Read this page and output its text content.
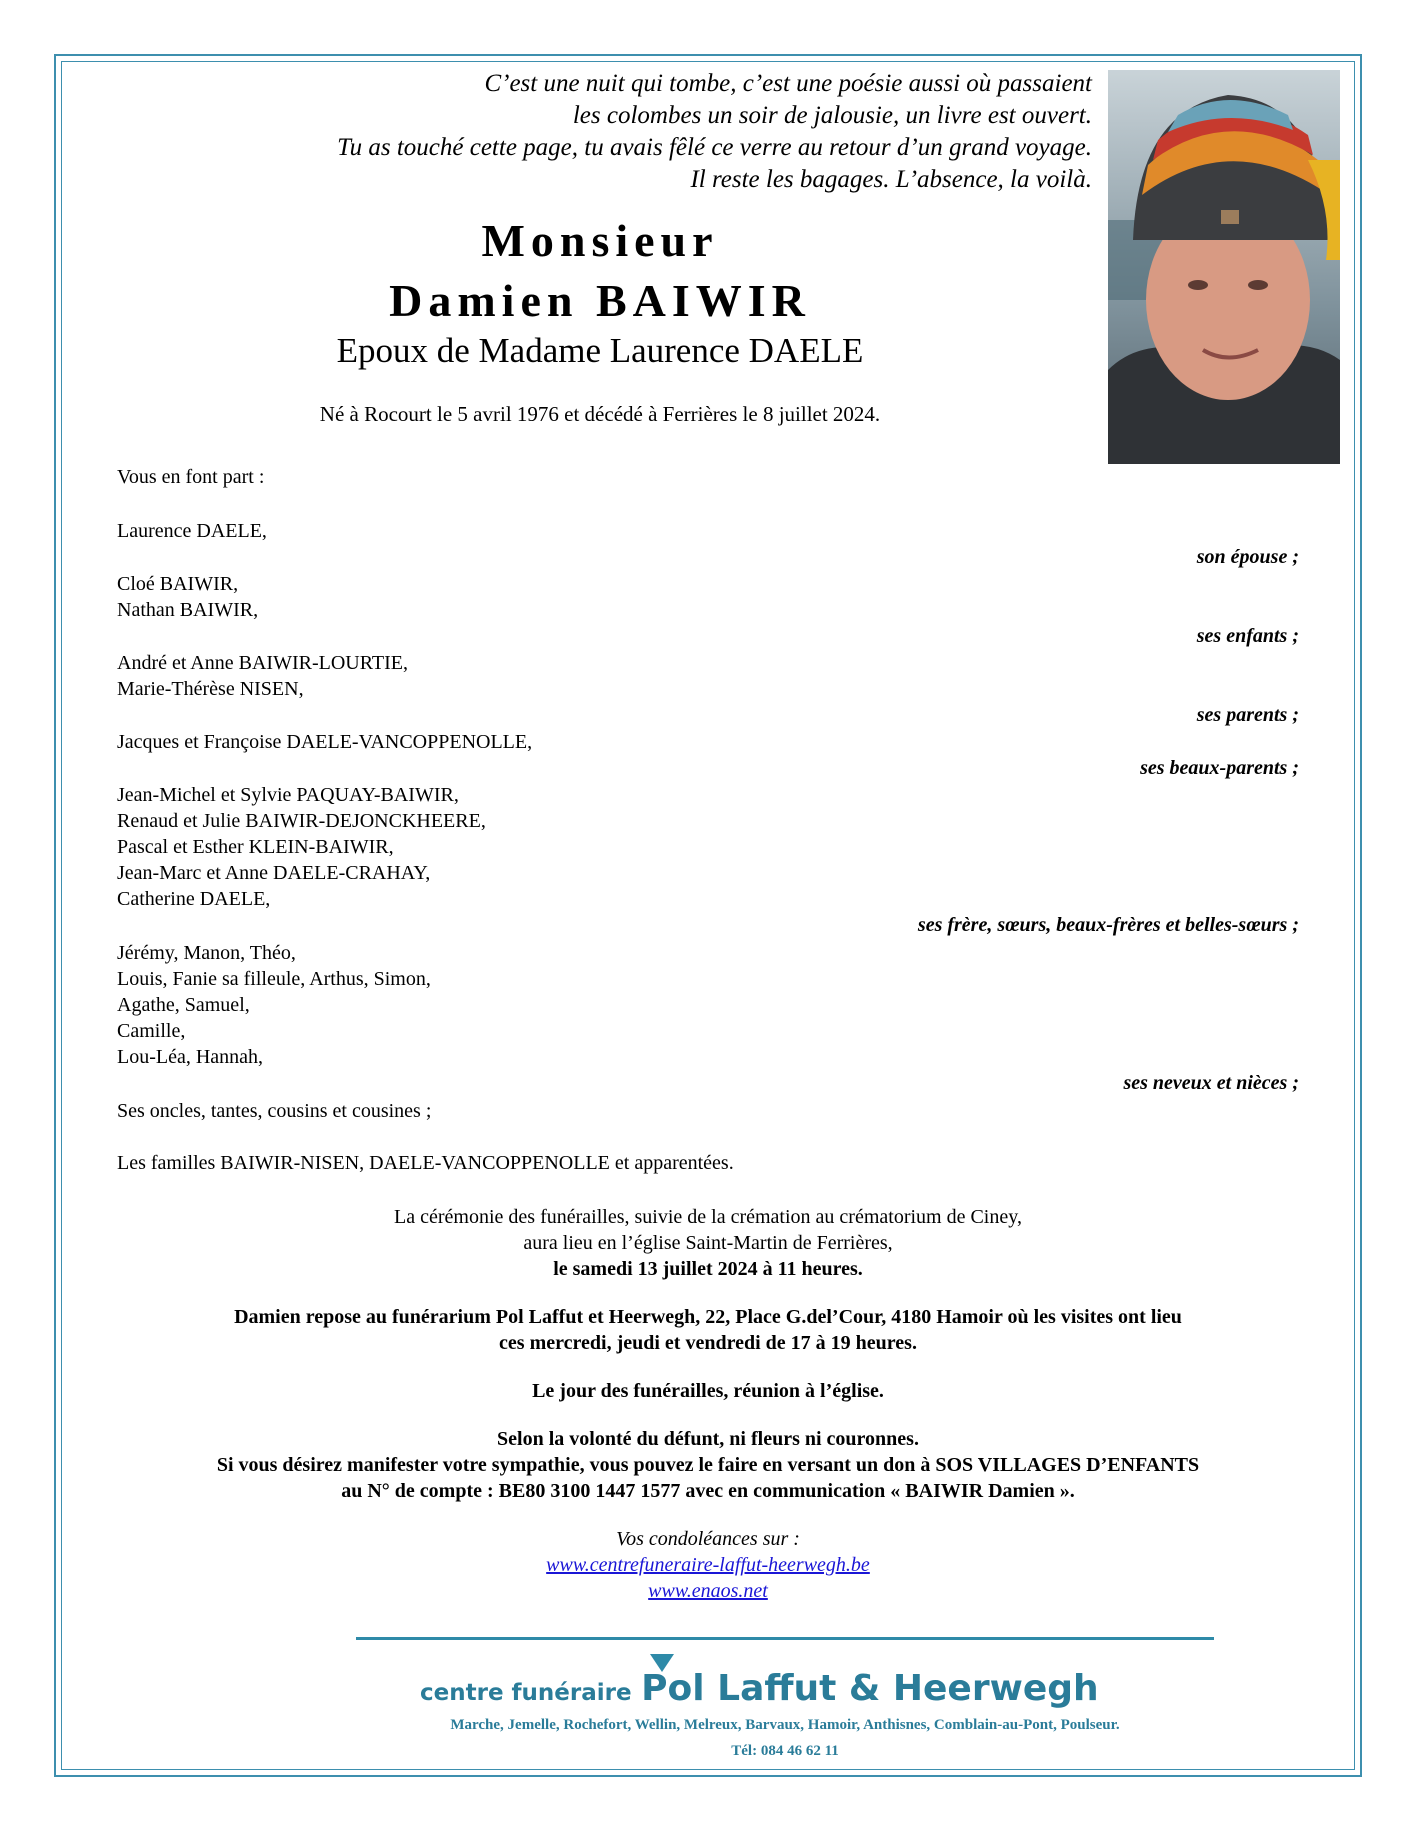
C’est une nuit qui tombe, c’est une poésie aussi où passaient
les colombes un soir de jalousie, un livre est ouvert.
Tu as touché cette page, tu avais fêlé ce verre au retour d’un grand voyage.
Il reste les bagages. L’absence, la voilà.
Monsieur
Damien BAIWIR
Epoux de Madame Laurence DAELE
Né à Rocourt le 5 avril 1976 et décédé à Ferrières le 8 juillet 2024.
Vous en font part :
Laurence DAELE,
son épouse ;
Cloé BAIWIR,
Nathan BAIWIR,
ses enfants ;
André et Anne BAIWIR-LOURTIE,
Marie-Thérèse NISEN,
ses parents ;
Jacques et Françoise DAELE-VANCOPPENOLLE,
ses beaux-parents ;
Jean-Michel et Sylvie PAQUAY-BAIWIR,
Renaud et Julie BAIWIR-DEJONCKHEERE,
Pascal et Esther KLEIN-BAIWIR,
Jean-Marc et Anne DAELE-CRAHAY,
Catherine DAELE,
ses frère, sœurs, beaux-frères et belles-sœurs ;
Jérémy, Manon, Théo,
Louis, Fanie sa filleule, Arthus, Simon,
Agathe, Samuel,
Camille,
Lou-Léa, Hannah,
ses neveux et nièces ;
Ses oncles, tantes, cousins et cousines ;
Les familles BAIWIR-NISEN, DAELE-VANCOPPENOLLE et apparentées.
La cérémonie des funérailles, suivie de la crémation au crématorium de Ciney,
aura lieu en l’église Saint-Martin de Ferrières,
le samedi 13 juillet 2024 à 11 heures.
Damien repose au funérarium Pol Laffut et Heerwegh, 22, Place G.del’Cour, 4180 Hamoir où les visites ont lieu
ces mercredi, jeudi et vendredi de 17 à 19 heures.
Le jour des funérailles, réunion à l’église.
Selon la volonté du défunt, ni fleurs ni couronnes.
Si vous désirez manifester votre sympathie, vous pouvez le faire en versant un don à SOS VILLAGES D’ENFANTS
au N° de compte : BE80 3100 1447 1577 avec en communication « BAIWIR Damien ».
Vos condoléances sur :
www.centrefuneraire-laffut-heerwegh.be
www.enaos.net
centre funéraire Pol Laffut & Heerwegh
Marche, Jemelle, Rochefort, Wellin, Melreux, Barvaux, Hamoir, Anthisnes, Comblain-au-Pont, Poulseur.
Tél: 084 46 62 11
